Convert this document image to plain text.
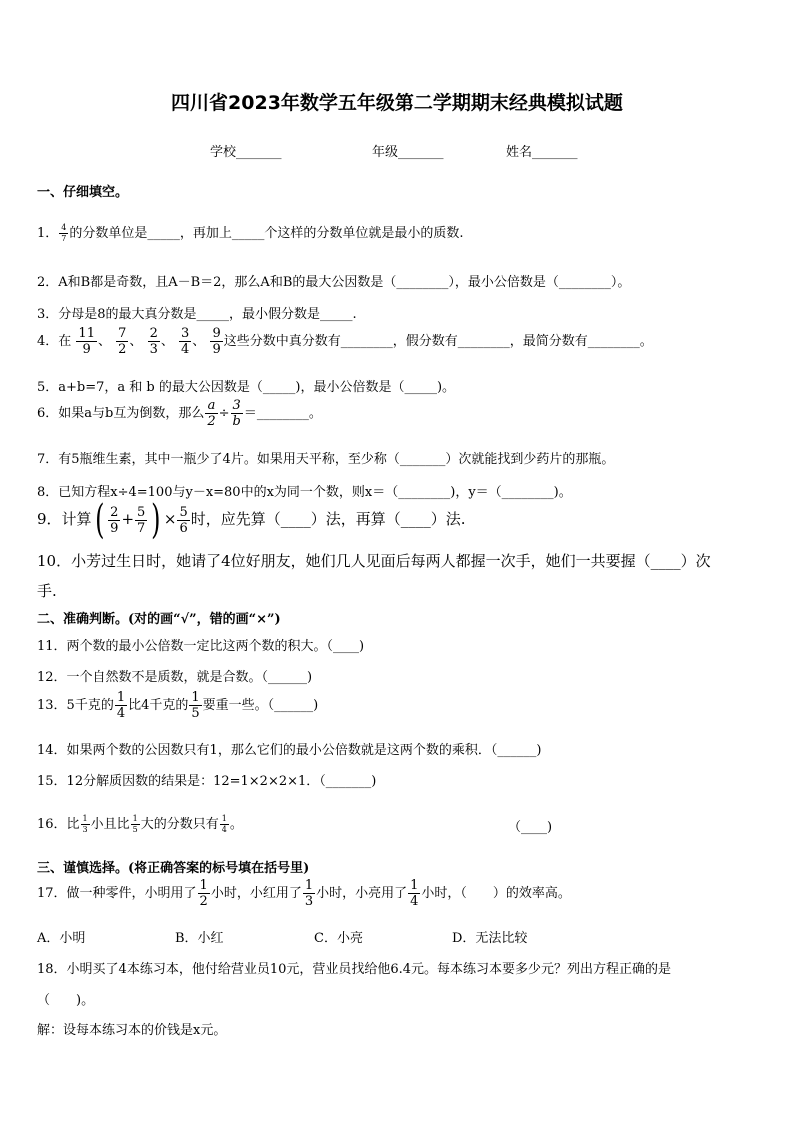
四川省2023年数学五年级第二学期期末经典模拟试题
学校_______	年级_______	姓名_______
一、仔细填空。
1． $\frac{4}{7}$ 的分数单位是_____，再加上_____个这样的分数单位就是最小的质数.
2．A和B都是奇数，且A－B＝2，那么A和B的最大公因数是（________），最小公倍数是（________）。
3．分母是8的最大真分数是_____，最小假分数是_____.
4．在 $\frac{11}{9}$ 、 $\frac{7}{2}$ 、 $\frac{2}{3}$ 、 $\frac{3}{4}$ 、 $\frac{9}{9}$ 这些分数中真分数有________，假分数有________，最简分数有________。
5．a+b=7，a 和 b 的最大公因数是（_____)，最小公倍数是（_____)。
6．如果a与b互为倒数，那么 $\frac{a}{2} \div \frac{3}{b}$ ＝________。
7．有5瓶维生素，其中一瓶少了4片。如果用天平称，至少称（_______）次就能找到少药片的那瓶。
8．已知方程x÷4=100与y－x=80中的x为同一个数，则x＝（________)，y＝（________)。
9．计算( $\frac{2}{9} + \frac{5}{7}$ ) × $\frac{5}{6}$ 时，应先算（____）法，再算（____）法.
10．小芳过生日时，她请了4位好朋友，她们几人见面后每两人都握一次手，她们一共要握（____）次
手.
二、准确判断。(对的画“√”，错的画“×”)
11．两个数的最小公倍数一定比这两个数的积大。（____)
12．一个自然数不是质数，就是合数。（______)
13．5千克的 $\frac{1}{4}$ 比4千克的 $\frac{1}{5}$ 要重一些。（______)
14．如果两个数的公因数只有1，那么它们的最小公倍数就是这两个数的乘积．（______)
15．12分解质因数的结果是：12=1×2×2×1．（_______)
16．比 $\frac{1}{3}$ 小且比 $\frac{1}{5}$ 大的分数只有 $\frac{1}{4}$ 。	（____)
三、谨慎选择。(将正确答案的标号填在括号里)
17．做一种零件，小明用了 $\frac{1}{2}$ 小时，小红用了 $\frac{1}{3}$ 小时，小亮用了 $\frac{1}{4}$ 小时，（　　）的效率高。
A．小明	B．小红	C．小亮	D．无法比较
18．小明买了4本练习本，他付给营业员10元，营业员找给他6.4元。每本练习本要多少元？列出方程正确的是
（　　)。
解：设每本练习本的价钱是x元。
